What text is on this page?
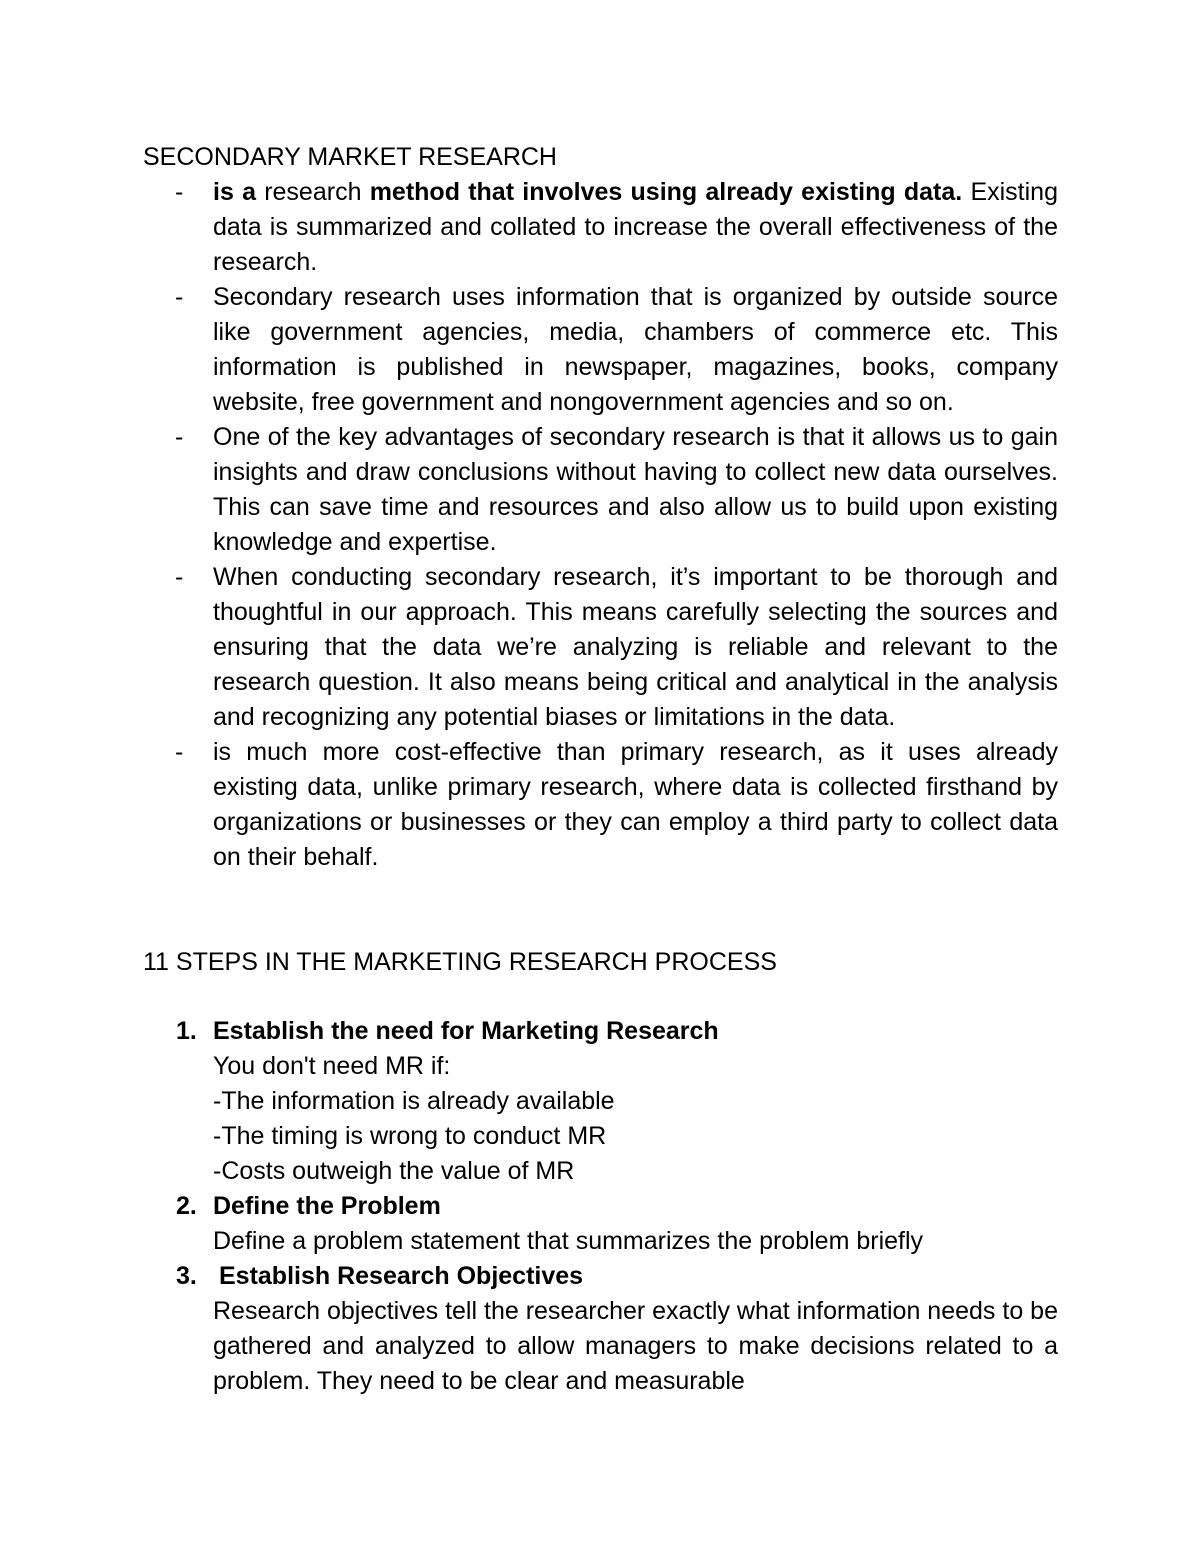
SECONDARY MARKET RESEARCH
-	is a research method that involves using already existing data. Existing data is summarized and collated to increase the overall effectiveness of the research.
-	Secondary research uses information that is organized by outside source like government agencies, media, chambers of commerce etc. This information is published in newspaper, magazines, books, company website, free government and nongovernment agencies and so on.
-	One of the key advantages of secondary research is that it allows us to gain insights and draw conclusions without having to collect new data ourselves. This can save time and resources and also allow us to build upon existing knowledge and expertise.
-	When conducting secondary research, it’s important to be thorough and thoughtful in our approach. This means carefully selecting the sources and ensuring that the data we’re analyzing is reliable and relevant to the research question. It also means being critical and analytical in the analysis and recognizing any potential biases or limitations in the data.
-	is much more cost-effective than primary research, as it uses already existing data, unlike primary research, where data is collected firsthand by organizations or businesses or they can employ a third party to collect data on their behalf.
11 STEPS IN THE MARKETING RESEARCH PROCESS
1. Establish the need for Marketing Research
You don't need MR if:
-The information is already available
-The timing is wrong to conduct MR
-Costs outweigh the value of MR
2. Define the Problem
Define a problem statement that summarizes the problem briefly
3. Establish Research Objectives
Research objectives tell the researcher exactly what information needs to be gathered and analyzed to allow managers to make decisions related to a problem. They need to be clear and measurable
